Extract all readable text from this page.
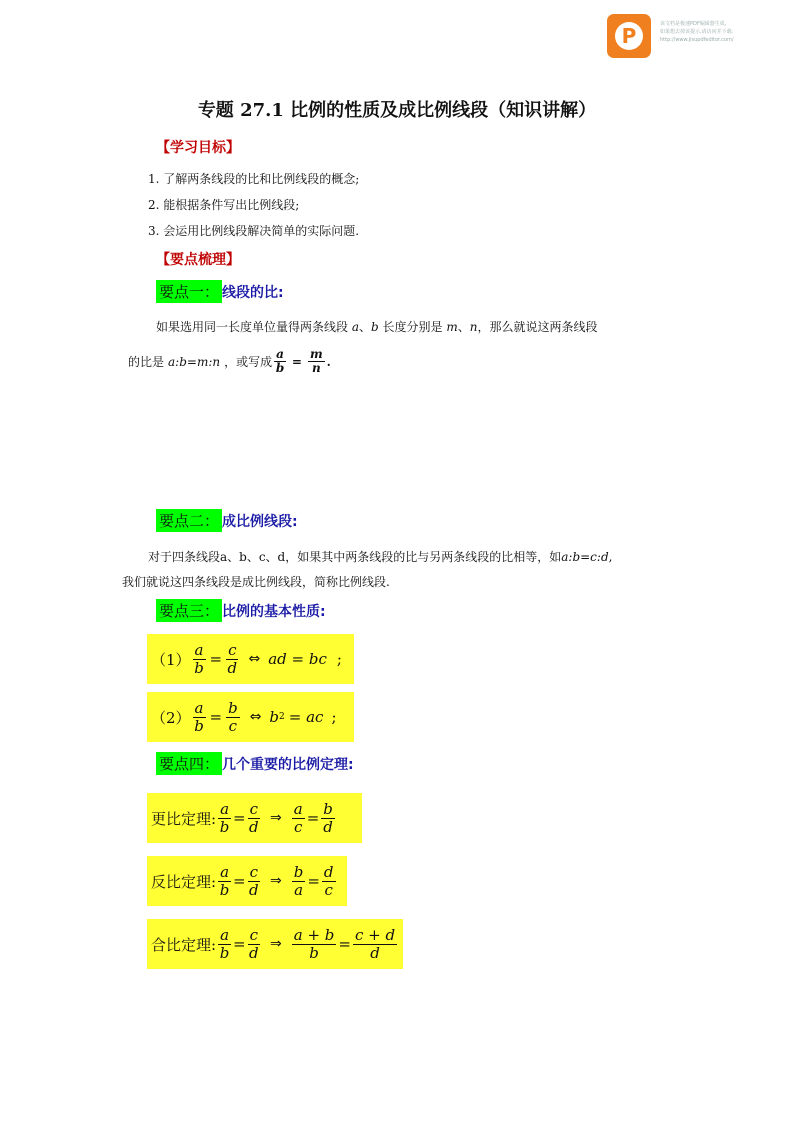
P	该文档是极速PDF编辑器生成,
如果想去掉该提示,请访问并下载:
http://www.jisupdfeditor.com/
专题 27.1 比例的性质及成比例线段（知识讲解）
【学习目标】
1. 了解两条线段的比和比例线段的概念;
2. 能根据条件写出比例线段;
3. 会运用比例线段解决简单的实际问题.
【要点梳理】
要点一： 线段的比:
如果选用同一长度单位量得两条线段 a、b 长度分别是 m、n，那么就说这两条线段
的比是 a:b=m:n ，或写成 $\frac{a}{b} = \frac{m}{n}$ .
要点二： 成比例线段:
对于四条线段a、b、c、d，如果其中两条线段的比与另两条线段的比相等，如a:b=c:d,
我们就说这四条线段是成比例线段，简称比例线段.
要点三： 比例的基本性质:
$(1) \frac{a}{b} = \frac{c}{d}$ ⇔ ad = bc ;
$(2) \frac{a}{b} = \frac{b}{c}$ ⇔ b 2 = ac ;
要点四： 几个重要的比例定理:
更比定理: $\frac{a}{b} = \frac{c}{d}$ ⇒ $\frac{a}{c} = \frac{b}{d}$
反比定理: $\frac{a}{b} = \frac{c}{d}$ ⇒ $\frac{b}{a} = \frac{d}{c}$
合比定理: $\frac{a}{b} = \frac{c}{d}$ ⇒ $\frac{a + b}{b} = \frac{c + d}{d}$
